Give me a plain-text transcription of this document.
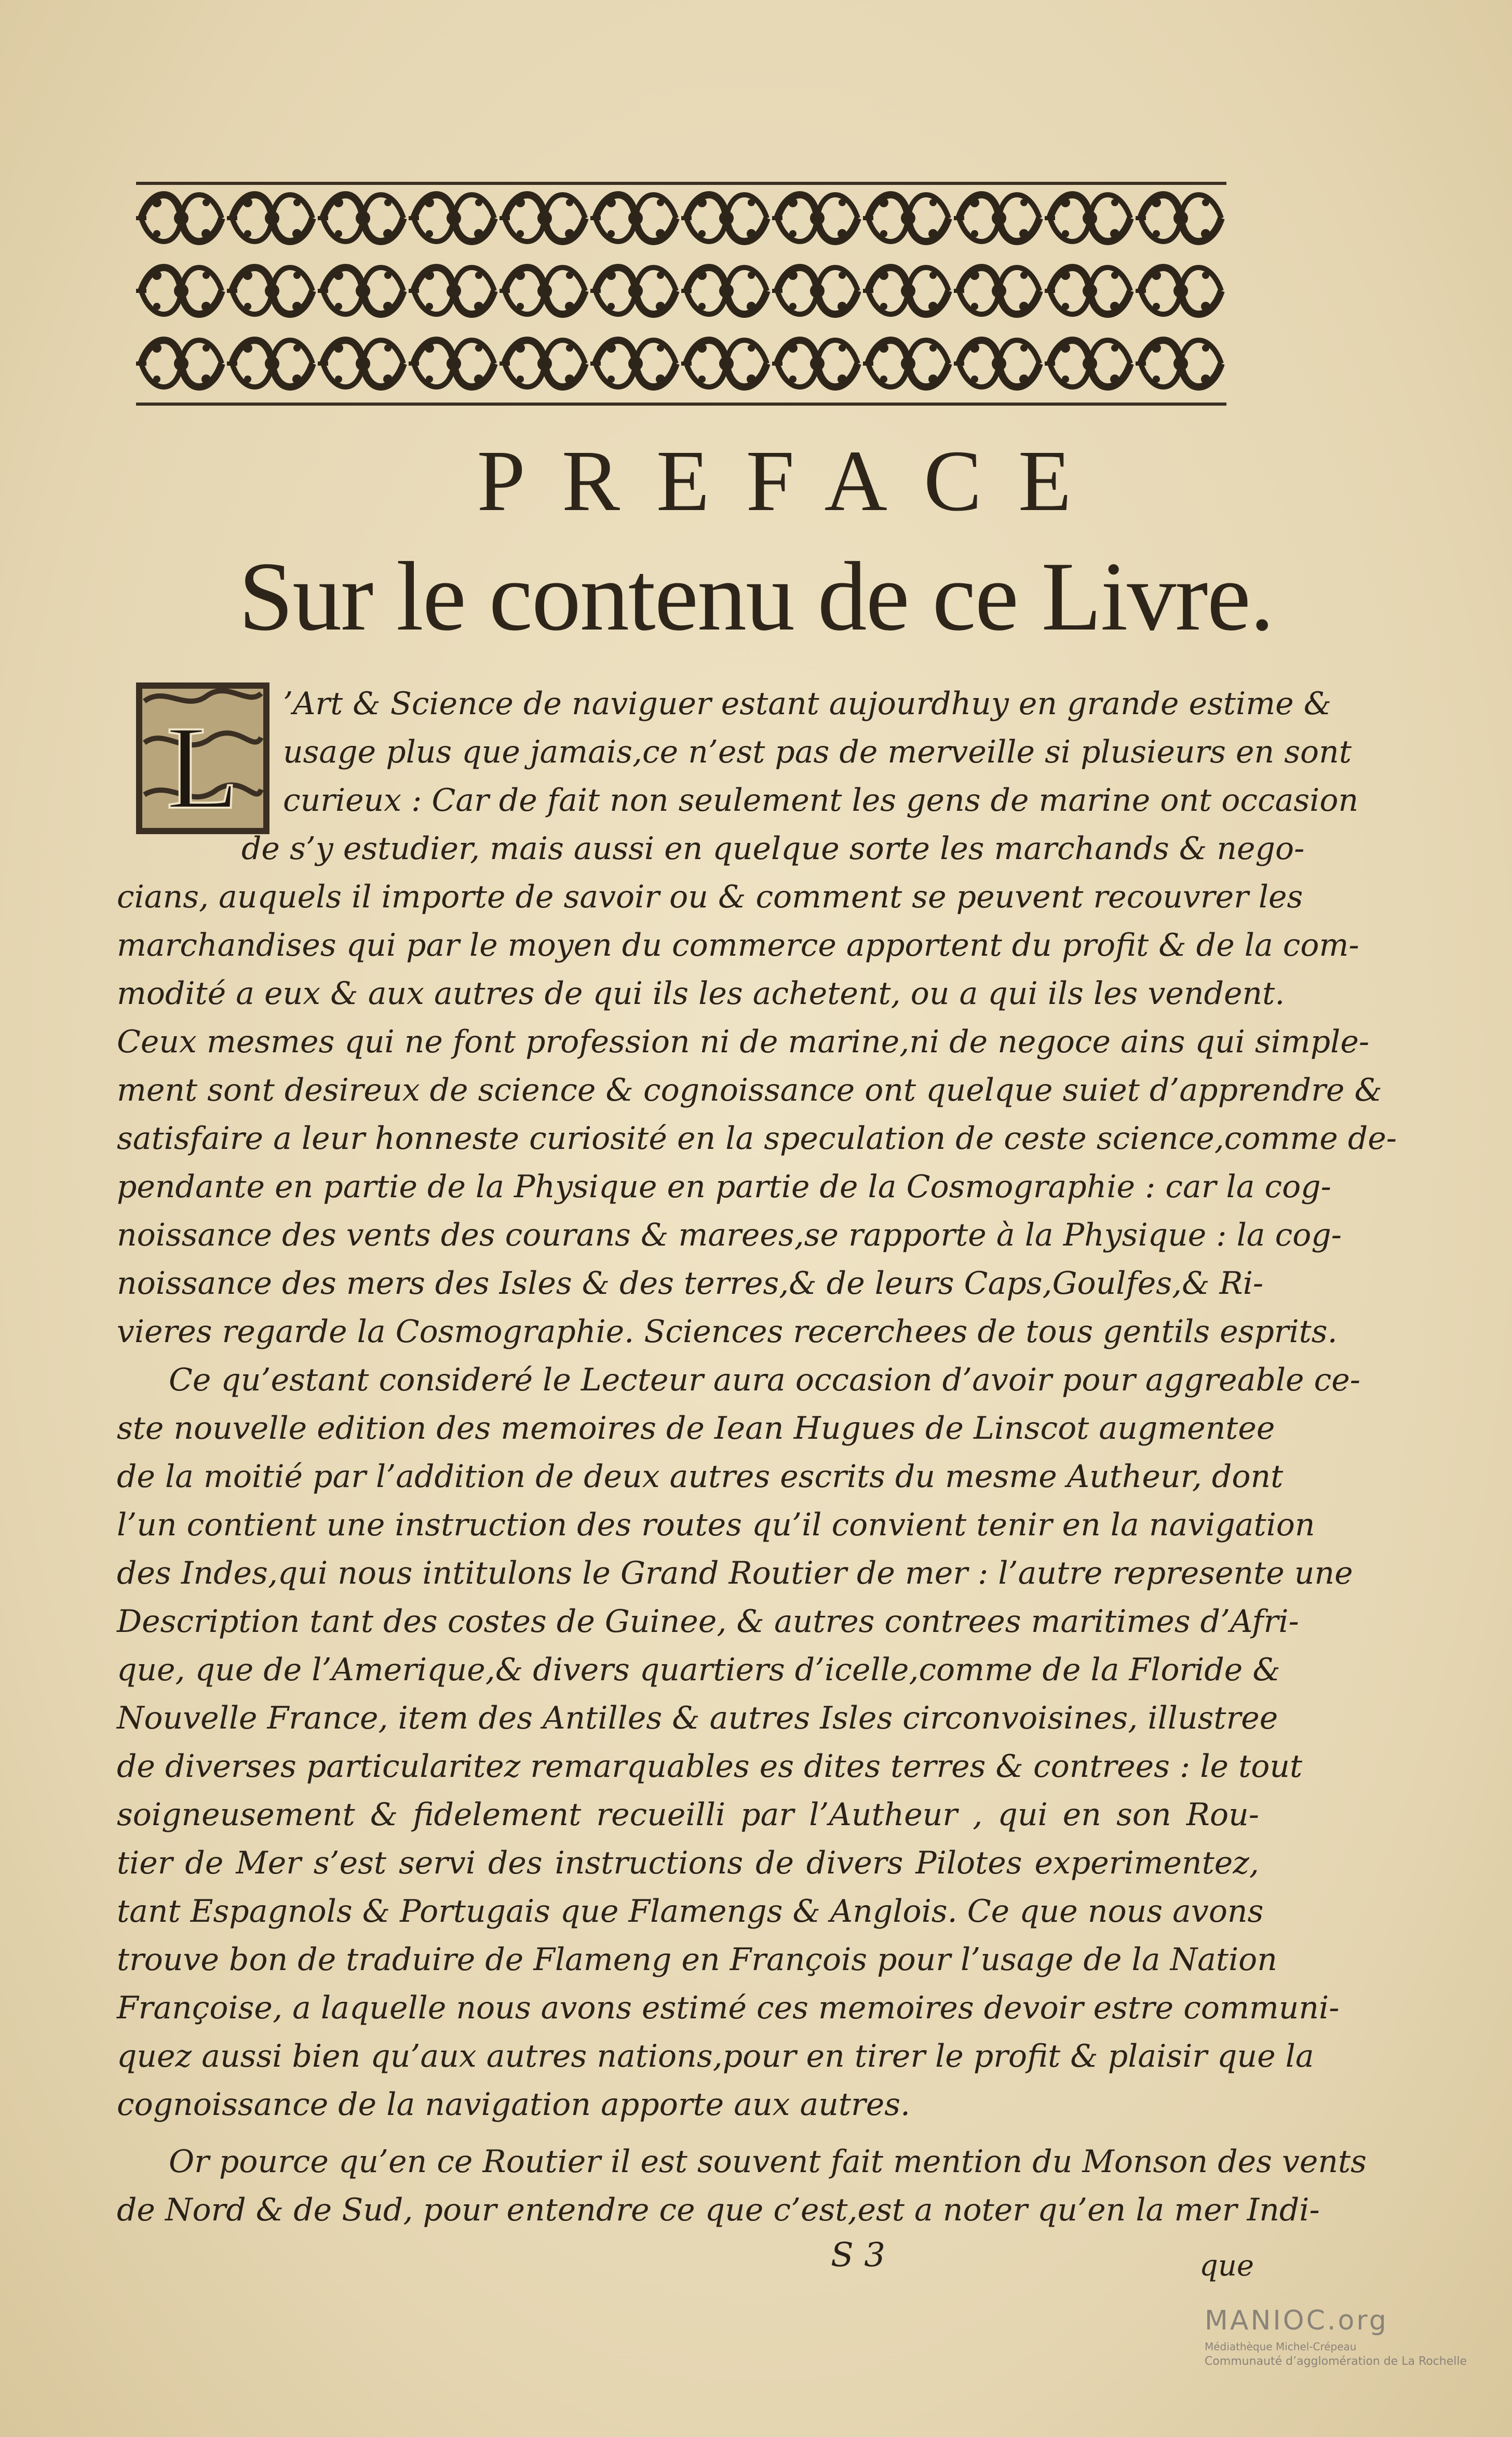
PREFACE
Sur le contenu de ce Livre.
L ’Art & Science de naviguer estant aujourdhuy en grande estime &
usage plus que jamais,ce n’est pas de merveille si plusieurs en sont
curieux : Car de fait non seulement les gens de marine ont occasion
de s’y estudier, mais aussi en quelque sorte les marchands & nego-
cians, auquels il importe de savoir ou & comment se peuvent recouvrer les
marchandises qui par le moyen du commerce apportent du profit & de la com-
modité a eux & aux autres de qui ils les achetent, ou a qui ils les vendent.
Ceux mesmes qui ne font profession ni de marine,ni de negoce ains qui simple-
ment sont desireux de science & cognoissance ont quelque suiet d’apprendre &
satisfaire a leur honneste curiosité en la speculation de ceste science,comme de-
pendante en partie de la Physique en partie de la Cosmographie : car la cog-
noissance des vents des courans & marees,se rapporte à la Physique : la cog-
noissance des mers des Isles & des terres,& de leurs Caps,Goulfes,& Ri-
vieres regarde la Cosmographie. Sciences recerchees de tous gentils esprits.
Ce qu’estant consideré le Lecteur aura occasion d’avoir pour aggreable ce-
ste nouvelle edition des memoires de Iean Hugues de Linscot augmentee
de la moitié par l’addition de deux autres escrits du mesme Autheur, dont
l’un contient une instruction des routes qu’il convient tenir en la navigation
des Indes,qui nous intitulons le Grand Routier de mer : l’autre represente une
Description tant des costes de Guinee, & autres contrees maritimes d’Afri-
que, que de l’Amerique,& divers quartiers d’icelle,comme de la Floride &
Nouvelle France, item des Antilles & autres Isles circonvoisines, illustree
de diverses particularitez remarquables es dites terres & contrees : le tout
soigneusement & fidelement recueilli par l’Autheur , qui en son Rou-
tier de Mer s’est servi des instructions de divers Pilotes experimentez,
tant Espagnols & Portugais que Flamengs & Anglois. Ce que nous avons
trouve bon de traduire de Flameng en François pour l’usage de la Nation
Françoise, a laquelle nous avons estimé ces memoires devoir estre communi-
quez aussi bien qu’aux autres nations,pour en tirer le profit & plaisir que la
cognoissance de la navigation apporte aux autres.
Or pource qu’en ce Routier il est souvent fait mention du Monson des vents
de Nord & de Sud, pour entendre ce que c’est,est a noter qu’en la mer Indi-
S 3	que
MANIOC.org
Médiathèque Michel-Crépeau
Communauté d’agglomération de La Rochelle
